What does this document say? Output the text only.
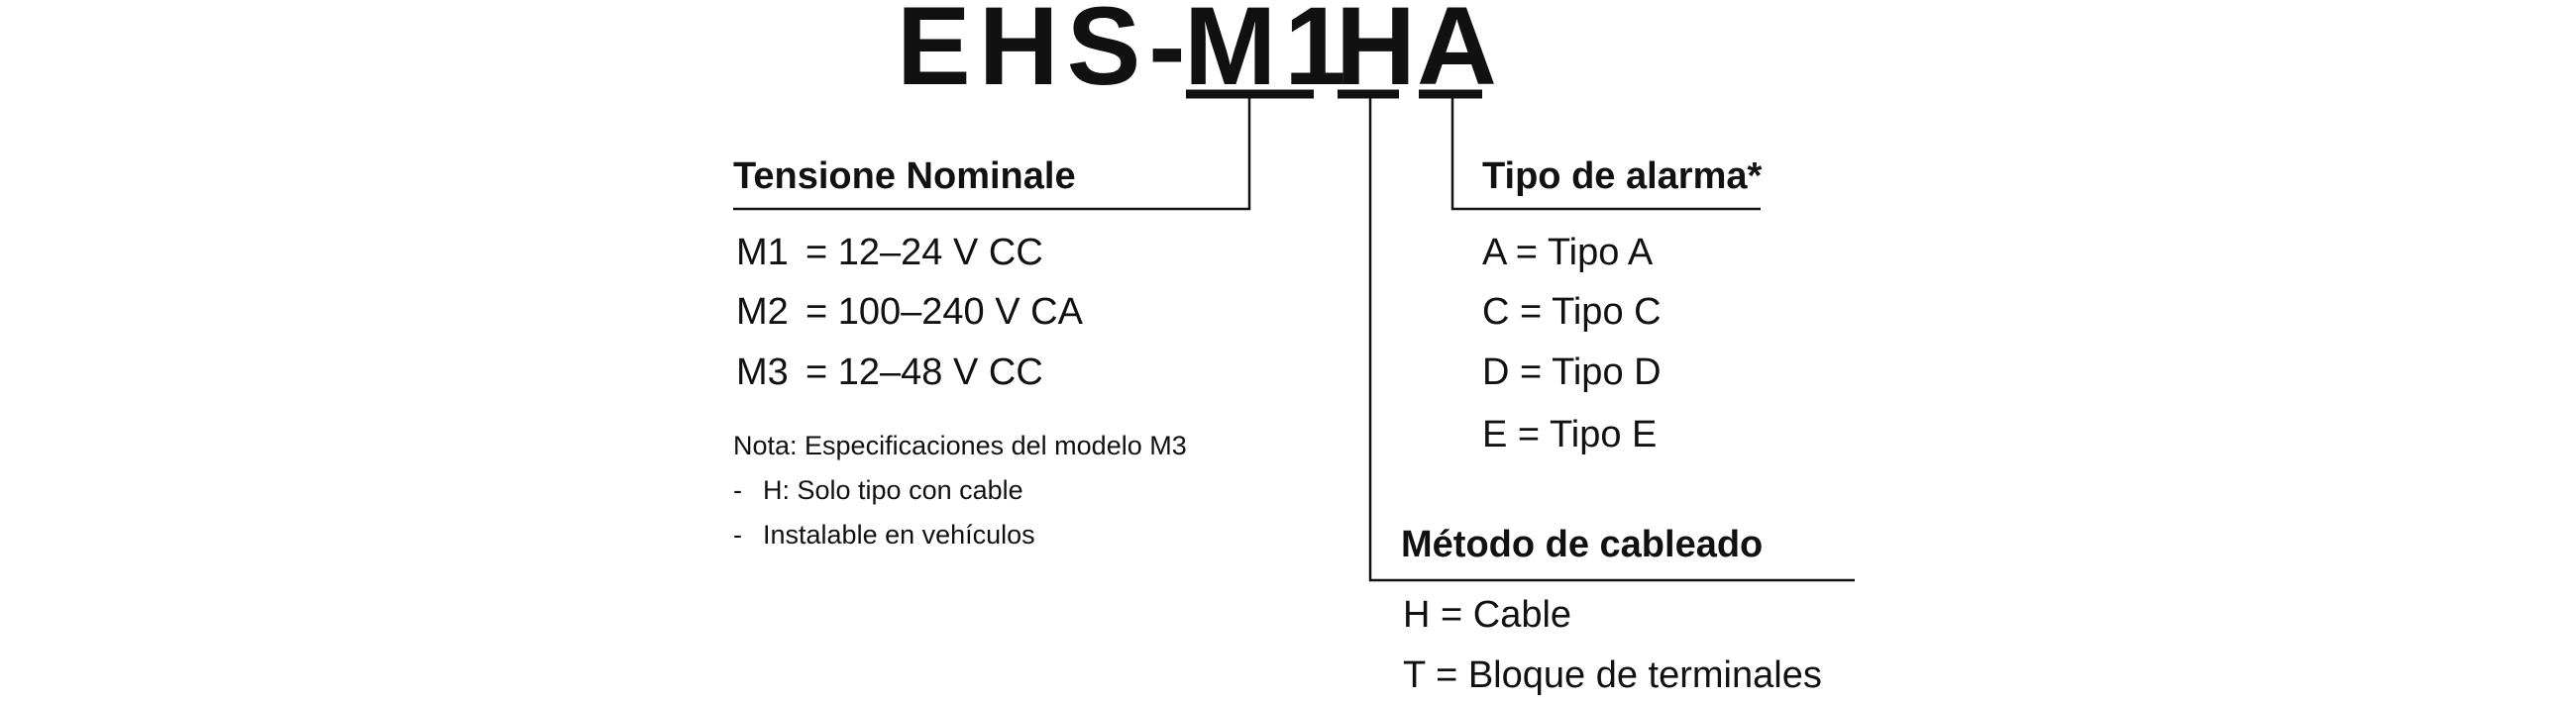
EHS-
M1
H
A
Tensione Nominale
M1 = 12–24 V CC
M2 = 100–240 V CA
M3 = 12–48 V CC
Nota: Especificaciones del modelo M3
- H: Solo tipo con cable
- Instalable en vehículos
Tipo de alarma*
A = Tipo A
C = Tipo C
D = Tipo D
E = Tipo E
Método de cableado
H = Cable
T = Bloque de terminales
